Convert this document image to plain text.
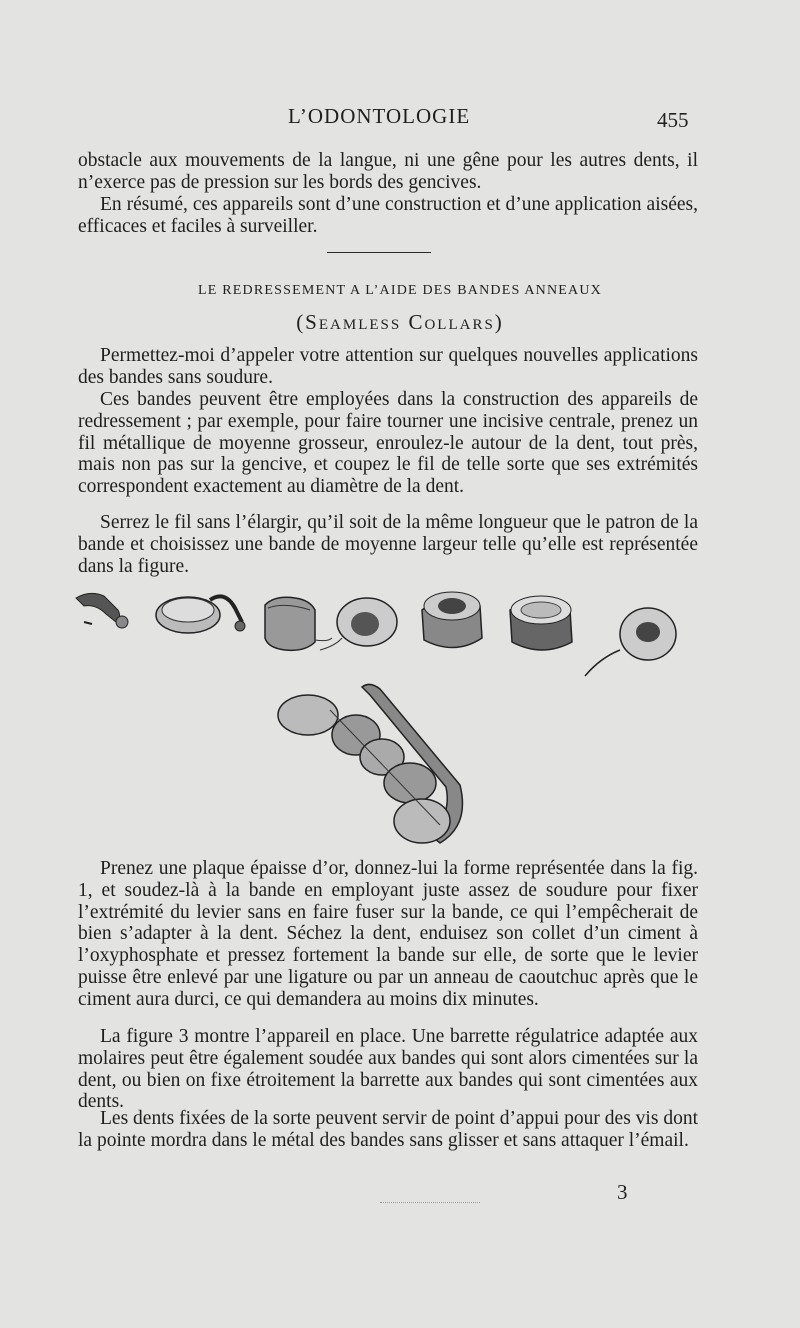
L’ODONTOLOGIE	455

obstacle aux mouvements de la langue, ni une gêne pour les autres dents, il n’exerce pas de pression sur les bords des gencives.

En résumé, ces appareils sont d’une construction et d’une application aisées, efficaces et faciles à surveiller.

LE REDRESSEMENT A L’AIDE DES BANDES ANNEAUX
(Seamless Collars)

Permettez-moi d’appeler votre attention sur quelques nouvelles applications des bandes sans soudure.

Ces bandes peuvent être employées dans la construction des appareils de redressement ; par exemple, pour faire tourner une incisive centrale, prenez un fil métallique de moyenne grosseur, enroulez-le autour de la dent, tout près, mais non pas sur la gencive, et coupez le fil de telle sorte que ses extrémités correspondent exactement au diamètre de la dent.

Serrez le fil sans l’élargir, qu’il soit de la même longueur que le patron de la bande et choisissez une bande de moyenne largeur telle qu’elle est représentée dans la figure.

Prenez une plaque épaisse d’or, donnez-lui la forme représentée dans la fig. 1, et soudez-là à la bande en employant juste assez de soudure pour fixer l’extrémité du levier sans en faire fuser sur la bande, ce qui l’empêcherait de bien s’adapter à la dent. Séchez la dent, enduisez son collet d’un ciment à l’oxyphosphate et pressez fortement la bande sur elle, de sorte que le levier puisse être enlevé par une ligature ou par un anneau de caoutchuc après que le ciment aura durci, ce qui demandera au moins dix minutes.

La figure 3 montre l’appareil en place. Une barrette régulatrice adaptée aux molaires peut être également soudée aux bandes qui sont alors cimentées sur la dent, ou bien on fixe étroitement la barrette aux bandes qui sont cimentées aux dents.

Les dents fixées de la sorte peuvent servir de point d’appui pour des vis dont la pointe mordra dans le métal des bandes sans glisser et sans attaquer l’émail.

3
